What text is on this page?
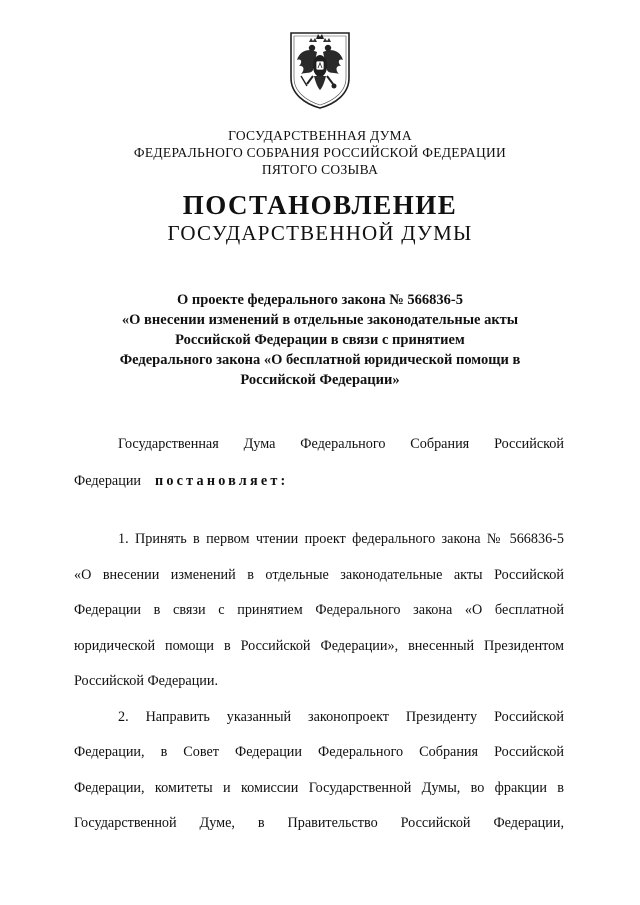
ГОСУДАРСТВЕННАЯ ДУМА
ФЕДЕРАЛЬНОГО СОБРАНИЯ РОССИЙСКОЙ ФЕДЕРАЦИИ
ПЯТОГО СОЗЫВА
ПОСТАНОВЛЕНИЕ
ГОСУДАРСТВЕННОЙ ДУМЫ
О проекте федерального закона № 566836-5
«О внесении изменений в отдельные законодательные акты
Российской Федерации в связи с принятием
Федерального закона «О бесплатной юридической помощи в
Российской Федерации»
Государственная Дума Федерального Собрания Российской
Федерации постановляет:
1. Принять в первом чтении проект федерального закона № 566836-5
«О внесении изменений в отдельные законодательные акты Российской
Федерации в связи с принятием Федерального закона «О бесплатной
юридической помощи в Российской Федерации», внесенный Президентом
Российской Федерации.
2. Направить указанный законопроект Президенту Российской
Федерации, в Совет Федерации Федерального Собрания Российской
Федерации, комитеты и комиссии Государственной Думы, во фракции в
Государственной Думе, в Правительство Российской Федерации,
